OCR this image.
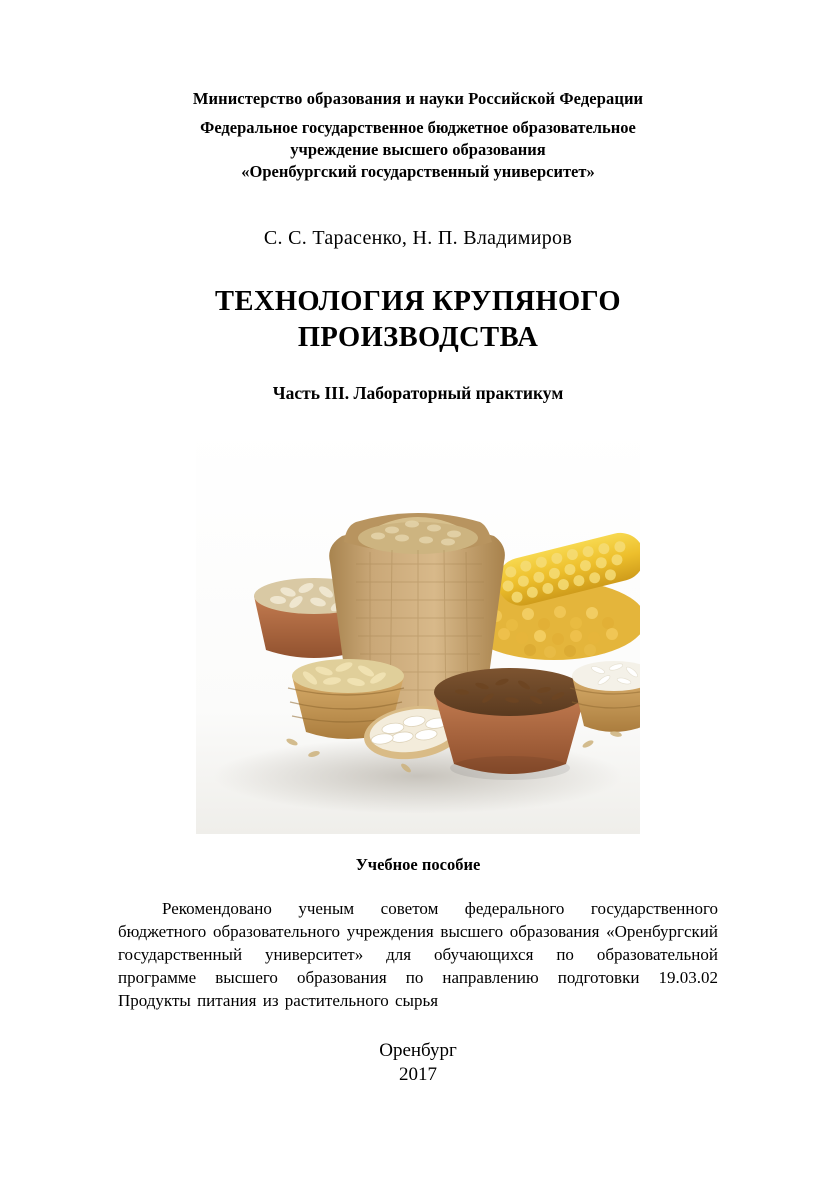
Министерство образования и науки Российской Федерации
Федеральное государственное бюджетное образовательное
учреждение высшего образования
«Оренбургский государственный университет»
С. С. Тарасенко, Н. П. Владимиров
ТЕХНОЛОГИЯ КРУПЯНОГО
ПРОИЗВОДСТВА
Часть III. Лабораторный практикум
Учебное пособие
Рекомендовано ученым советом федерального государственного бюджетного образовательного учреждения высшего образования «Оренбургский государственный университет» для обучающихся по образовательной программе высшего образования по направлению подготовки 19.03.02 Продукты питания из растительного сырья
Оренбург
2017
